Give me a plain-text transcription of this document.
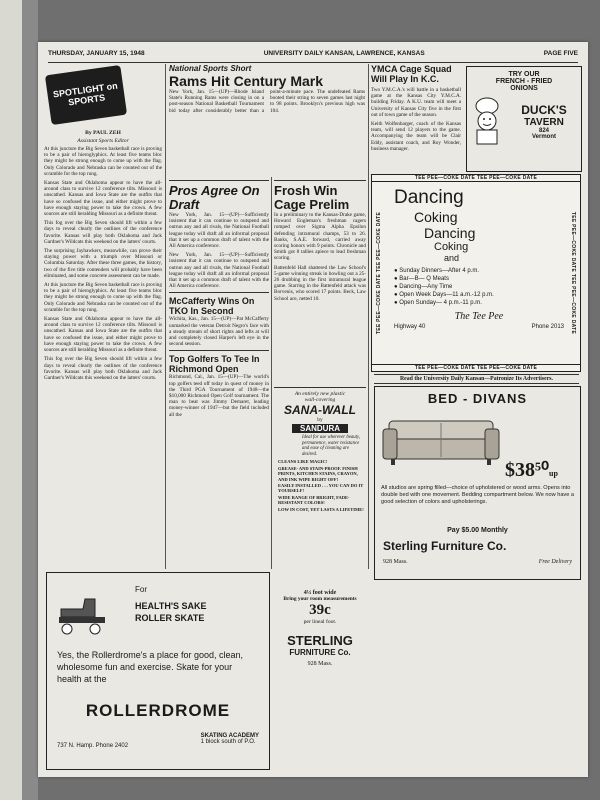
THURSDAY, JANUARY 15, 1948	UNIVERSITY DAILY KANSAN, LAWRENCE, KANSAS	PAGE FIVE
SPOTLIGHT on SPORTS
By PAUL ZEH
Assistant Sports Editor

At this juncture the Big Seven basketball race is proving to be a pair of hieroglyphics. At least five teams bloc they might be strong enough to come up with the flag. Only Colorado and Nebraska can be counted out of the scramble for the top rung.

Kansas State and Oklahoma appear to have the all-around class to survive 12 conference tilts. Missouri is unscathed. Kansas and Iowa State are the outfits that have so confused the issue, and either might prove to have enough staying power to take the crown. A few sources are still heralding Missouri as a definite threat.

This fog over the Big Seven should lift within a few days to reveal clearly the outlines of the conference favorite. Kansas will play both Oklahoma and Jack Gardner's Wildcats this weekend on the latters' courts.

The surprising Jayhawkers, meanwhile, can prove their staying power with a triumph over Missouri or Columbia Saturday. After these three games, the history, two of the five title contenders will probably have been eliminated, and some concrete assessment can be made.

At this juncture the Big Seven basketball race is proving to be a pair of hieroglyphics. At least five teams bloc they might be strong enough to come up with the flag. Only Colorado and Nebraska can be counted out of the scramble for the top rung.

Kansas State and Oklahoma appear to have the all-around class to survive 12 conference tilts. Missouri is unscathed. Kansas and Iowa State are the outfits that have so confused the issue, and either might prove to have enough staying power to take the crown. A few sources are still heralding Missouri as a definite threat.

This fog over the Big Seven should lift within a few days to reveal clearly the outlines of the conference favorite. Kansas will play both Oklahoma and Jack Gardner's Wildcats this weekend on the latters' courts.

National Sports Short
Rams Hit Century Mark

New York, Jan. 15—(UP)—Rhode Island State's Running Rams were closing in on a post-season National Basketball Tournament bid today after considerably better than a point-a-minute pace. The undefeated Rams booted their string to seven games last night to 98 points. Brooklyn's previous high was 104.

Pros Agree On Draft

New York, Jan. 15—(UP)—Sufficiently insistent that it can continue to outspend and outrun any and all rivals, the National Football league today will draft all an informal proposal that it set up a common draft of talent with the All America conference.

New York, Jan. 15—(UP)—Sufficiently insistent that it can continue to outspend and outrun any and all rivals, the National Football league today will draft all an informal proposal that it set up a common draft of talent with the All America conference.

McCafferty Wins On TKO In Second

Wichita, Kas., Jan. 15—(UP)—Pat McCafferty unmarked the veteran Detroit Negro's face with a steady stream of short rights and lefts at will and completely closed Harper's left eye in the second session.

Top Golfers To Tee In Richmond Open

Richmond, Cal., Jan. 15—(UP)—The world's top golfers teed off today in quest of money in the Third PGA Tournament of 1948—the $10,000 Richmond Open Golf tournament. The man to beat was Jimmy Demaret, leading money-winner of 1947—but the field included all the

Frosh Win Cage Prelim

In a preliminary to the Kansas-Drake game, Howard Engleman's freshman cagers romped over Sigma Alpha Epsilon defending intramural champs, 53 to 26. Banks, S.A.E. forward, carried away scoring honors with 9 points. Chronicle and Smith got 8 tallies apiece to lead freshman scoring.

Battenfeld Hall shattered the Law School's 5-game winning streak in bowling out a 25-26 drubbing in the first intramural league game. Starring in the Battenfeld attack was Borvenis, who scored 17 points. Beck, Law School ace, netted 10.

An entirely new plastic
wall-covering
SANA-WALL
by
SANDURA
Ideal for use wherever beauty, permanence, water resistance and ease of cleaning are desired.
CLEANS LIKE MAGIC!
GREASE- AND STAIN-PROOF. FINISH PRINTS, KITCHEN STAINS, CRAYON, AND INK WIPE RIGHT OFF!
EASILY INSTALLED . . . YOU CAN DO IT YOURSELF!
WIDE RANGE OF BRIGHT, FADE-RESISTANT COLORS!
LOW IN COST, YET LASTS A LIFETIME!
YMCA Cage Squad Will Play In K.C.

Two Y.M.C.A.'s will battle in a basketball game at the Kansas City Y.M.C.A. building Friday. A K.U. team will meet a University of Kansas City five in the first out of town game of the season.

Keith Wolfenbarger, coach of the Kansas team, will send 12 players to the game. Accompanying the team will be Clair Eddy, assistant coach, and Roy Wonder, business manager.

TRY OUR
FRENCH - FRIED
ONIONS
DUCK'S
TAVERN
824
Vermont
TEE PEE—COKE DATE TEE PEE—COKE DATE
TEE PEE—COKE DATE TEE PEE—COKE DATE	TEE PEE—COKE DATE TEE PEE—COKE DATE
Dancing
Coking
Dancing
Coking
and
● Sunday Dinners—After 4 p.m.
● Bar—B— Q Meats
● Dancing—Any Time
● Open Week Days—11 a.m.-12 p.m.
● Open Sunday— 4 p.m.-11 p.m.
The Tee Pee
Highway 40	Phone 2013
TEE PEE—COKE DATE TEE PEE—COKE DATE
Read the University Daily Kansan—Patronize Its Advertisers.
BED - DIVANS
$38⁵⁰up

All studios are spring filled—choice of upholstered or wood arms. Opens into double bed with one movement. Bedding compartment below. We now have a good selection of colors and upholsterings.

Pay $5.00 Monthly
Sterling Furniture Co.
928 Mass.	Free Delivery
4½ foot wide
Bring your room measurements
39c
per lineal foot.
STERLING
FURNITURE Co.
928 Mass.
For
HEALTH'S SAKE
ROLLER SKATE

Yes, the Rollerdrome's a place for good, clean, wholesome fun and exercise. Skate for your health at the

ROLLERDROME
737 N. Hamp. Phone 2402
SKATING ACADEMY
1 block south of P.O.
